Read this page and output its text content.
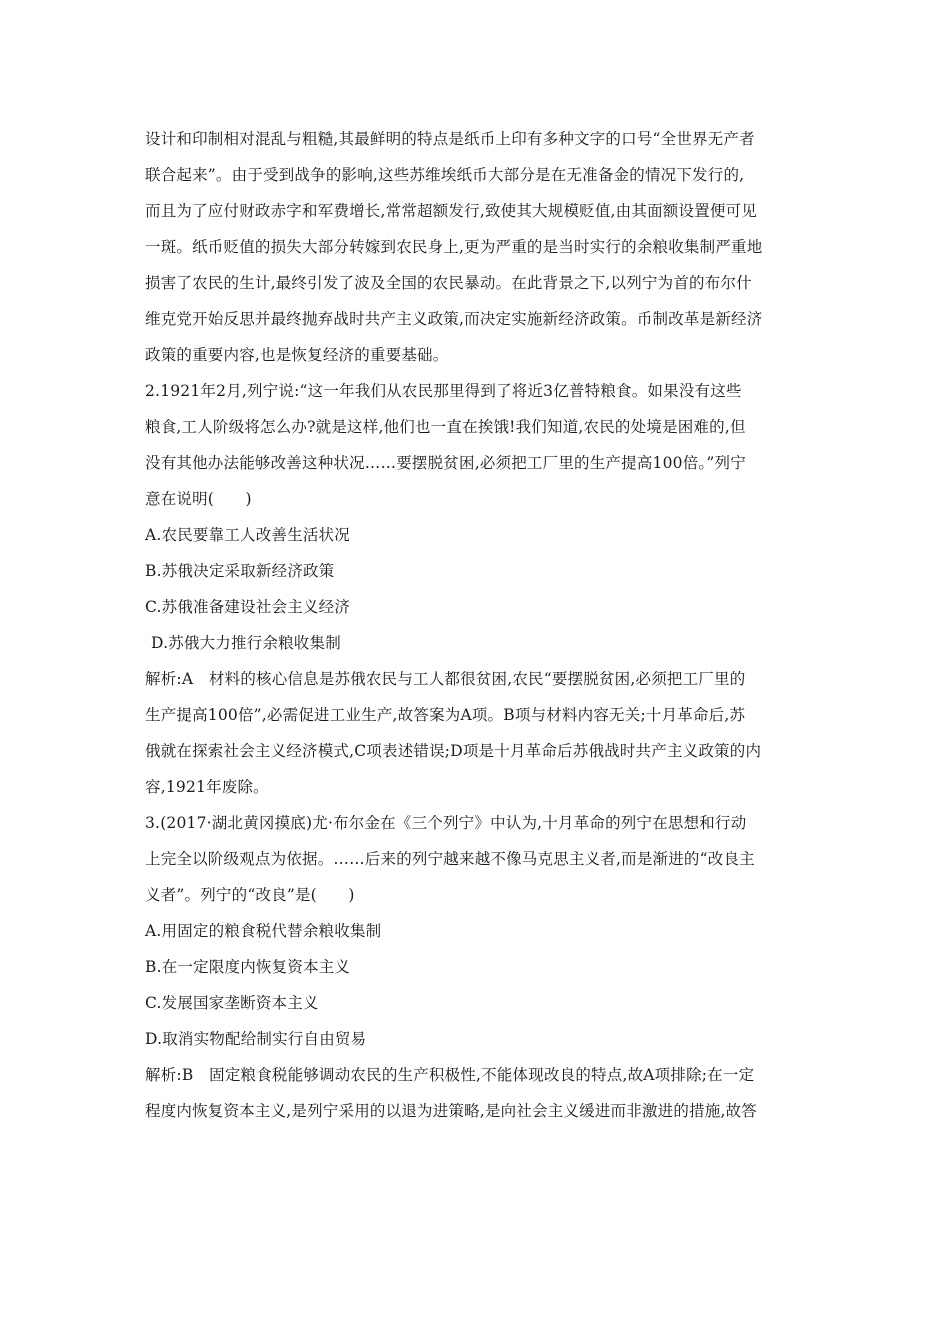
设计和印制相对混乱与粗糙,其最鲜明的特点是纸币上印有多种文字的口号“全世界无产者
联合起来”。由于受到战争的影响,这些苏维埃纸币大部分是在无准备金的情况下发行的,
而且为了应付财政赤字和军费增长,常常超额发行,致使其大规模贬值,由其面额设置便可见
一斑。纸币贬值的损失大部分转嫁到农民身上,更为严重的是当时实行的余粮收集制严重地
损害了农民的生计,最终引发了波及全国的农民暴动。在此背景之下,以列宁为首的布尔什
维克党开始反思并最终抛弃战时共产主义政策,而决定实施新经济政策。币制改革是新经济
政策的重要内容,也是恢复经济的重要基础。
2.1921年2月,列宁说:“这一年我们从农民那里得到了将近3亿普特粮食。如果没有这些
粮食,工人阶级将怎么办?就是这样,他们也一直在挨饿!我们知道,农民的处境是困难的,但
没有其他办法能够改善这种状况……要摆脱贫困,必须把工厂里的生产提高100倍。”列宁
意在说明(　　)
A.农民要靠工人改善生活状况
B.苏俄决定采取新经济政策
C.苏俄准备建设社会主义经济
D.苏俄大力推行余粮收集制
解析:A　材料的核心信息是苏俄农民与工人都很贫困,农民“要摆脱贫困,必须把工厂里的
生产提高100倍”,必需促进工业生产,故答案为A项。B项与材料内容无关;十月革命后,苏
俄就在探索社会主义经济模式,C项表述错误;D项是十月革命后苏俄战时共产主义政策的内
容,1921年废除。
3.(2017·湖北黄冈摸底)尤·布尔金在《三个列宁》中认为,十月革命的列宁在思想和行动
上完全以阶级观点为依据。……后来的列宁越来越不像马克思主义者,而是渐进的“改良主
义者”。列宁的“改良”是(　　)
A.用固定的粮食税代替余粮收集制
B.在一定限度内恢复资本主义
C.发展国家垄断资本主义
D.取消实物配给制实行自由贸易
解析:B　固定粮食税能够调动农民的生产积极性,不能体现改良的特点,故A项排除;在一定
程度内恢复资本主义,是列宁采用的以退为进策略,是向社会主义缓进而非激进的措施,故答
